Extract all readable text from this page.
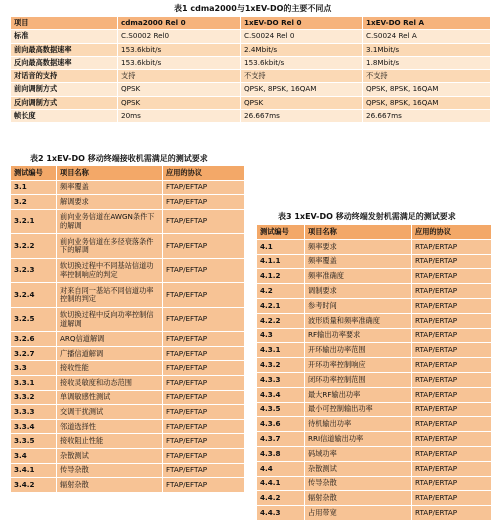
表1 cdma2000与1xEV-DO的主要不同点
项目	cdma2000 Rel 0	1xEV-DO Rel 0	1xEV-DO Rel A
标准	C.S0002 Rel0	C.S0024 Rel 0	C.S0024 Rel A
前向最高数据速率	153.6kbit/s	2.4Mbit/s	3.1Mbit/s
反向最高数据速率	153.6kbit/s	153.6kbit/s	1.8Mbit/s
对话音的支持	支持	不支持	不支持
前向调制方式	QPSK	QPSK, 8PSK, 16QAM	QPSK, 8PSK, 16QAM
反向调制方式	QPSK	QPSK	QPSK, 8PSK, 16QAM
帧长度	20ms	26.667ms	26.667ms
表2 1xEV-DO 移动终端接收机需满足的测试要求
测试编号	项目名称	应用的协议
3.1	频率覆盖	FTAP/EFTAP
3.2	解调要求	FTAP/EFTAP
3.2.1	前向业务信道在AWGN条件下的解调	FTAP/EFTAP
3.2.2	前向业务信道在多径衰落条件下的解调	FTAP/EFTAP
3.2.3	软切换过程中不同基站信道功率控制响应的判定	FTAP/EFTAP
3.2.4	对来自同一基站不同信道功率控制的判定	FTAP/EFTAP
3.2.5	软切换过程中反向功率控制信道解调	FTAP/EFTAP
3.2.6	ARQ信道解调	FTAP/EFTAP
3.2.7	广播信道解调	FTAP/EFTAP
3.3	接收性能	FTAP/EFTAP
3.3.1	接收灵敏度和动态范围	FTAP/EFTAP
3.3.2	单调敏感性测试	FTAP/EFTAP
3.3.3	交调干扰测试	FTAP/EFTAP
3.3.4	邻道选择性	FTAP/EFTAP
3.3.5	接收阻止性能	FTAP/EFTAP
3.4	杂散测试	FTAP/EFTAP
3.4.1	传导杂散	FTAP/EFTAP
3.4.2	辐射杂散	FTAP/EFTAP
表3 1xEV-DO 移动终端发射机需满足的测试要求
测试编号	项目名称	应用的协议
4.1	频率要求	RTAP/ERTAP
4.1.1	频率覆盖	RTAP/ERTAP
4.1.2	频率准确度	RTAP/ERTAP
4.2	调制要求	RTAP/ERTAP
4.2.1	参考时间	RTAP/ERTAP
4.2.2	波形质量和频率准确度	RTAP/ERTAP
4.3	RF输出功率要求	RTAP/ERTAP
4.3.1	开环输出功率范围	RTAP/ERTAP
4.3.2	开环功率控制响应	RTAP/ERTAP
4.3.3	闭环功率控制范围	RTAP/ERTAP
4.3.4	最大RF输出功率	RTAP/ERTAP
4.3.5	最小可控制输出功率	RTAP/ERTAP
4.3.6	待机输出功率	RTAP/ERTAP
4.3.7	RRI信道输出功率	RTAP/ERTAP
4.3.8	码域功率	RTAP/ERTAP
4.4	杂散测试	RTAP/ERTAP
4.4.1	传导杂散	RTAP/ERTAP
4.4.2	辐射杂散	RTAP/ERTAP
4.4.3	占用带宽	RTAP/ERTAP
